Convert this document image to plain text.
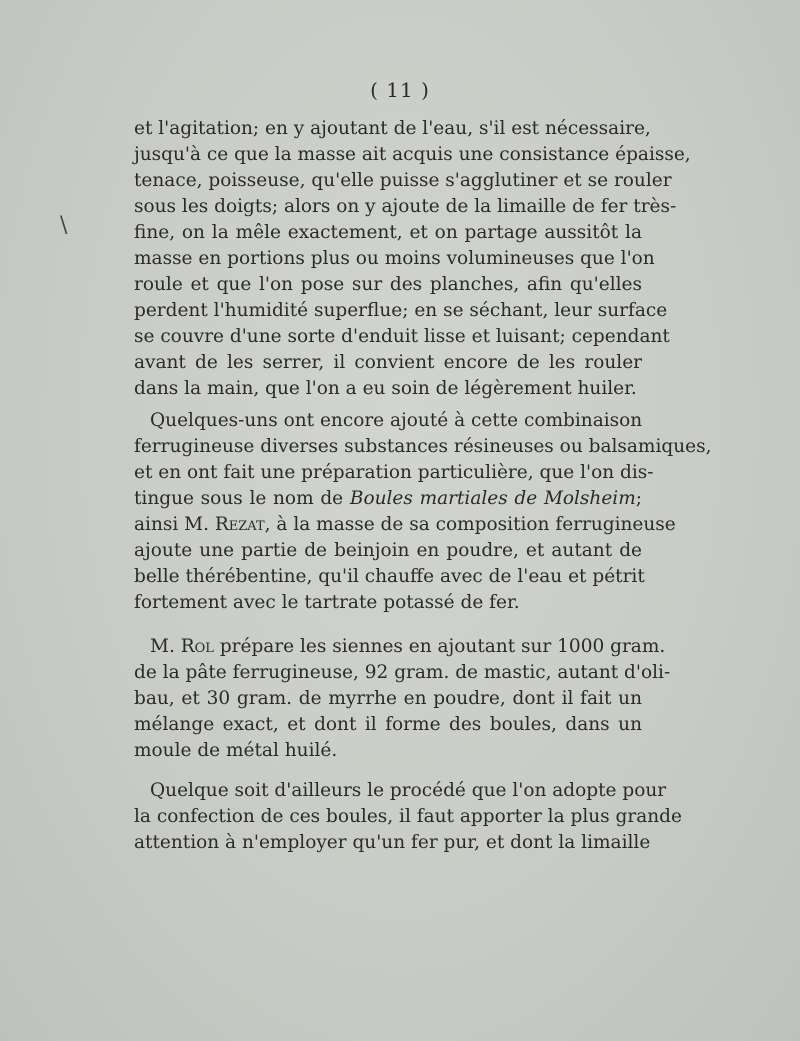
( 11 )
\
et l'agitation; en y ajoutant de l'eau, s'il est nécessaire,
jusqu'à ce que la masse ait acquis une consistance épaisse,
tenace, poisseuse, qu'elle puisse s'agglutiner et se rouler
sous les doigts; alors on y ajoute de la limaille de fer très-
fine, on la mêle exactement, et on partage aussitôt la
masse en portions plus ou moins volumineuses que l'on
roule et que l'on pose sur des planches, afin qu'elles
perdent l'humidité superflue; en se séchant, leur surface
se couvre d'une sorte d'enduit lisse et luisant; cependant
avant de les serrer, il convient encore de les rouler
dans la main, que l'on a eu soin de légèrement huiler.
Quelques-uns ont encore ajouté à cette combinaison
ferrugineuse diverses substances résineuses ou balsamiques,
et en ont fait une préparation particulière, que l'on dis-
tingue sous le nom de Boules martiales de Molsheim;
ainsi M. Rezat, à la masse de sa composition ferrugineuse
ajoute une partie de beinjoin en poudre, et autant de
belle thérébentine, qu'il chauffe avec de l'eau et pétrit
fortement avec le tartrate potassé de fer.
M. Rol prépare les siennes en ajoutant sur 1000 gram.
de la pâte ferrugineuse, 92 gram. de mastic, autant d'oli-
bau, et 30 gram. de myrrhe en poudre, dont il fait un
mélange exact, et dont il forme des boules, dans un
moule de métal huilé.
Quelque soit d'ailleurs le procédé que l'on adopte pour
la confection de ces boules, il faut apporter la plus grande
attention à n'employer qu'un fer pur, et dont la limaille
